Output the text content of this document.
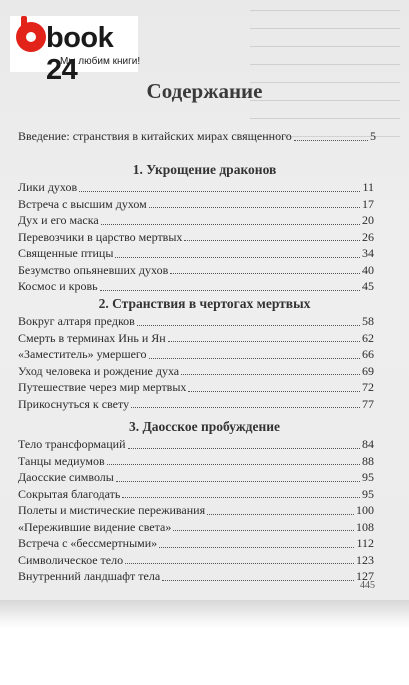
book 24
Мы любим книги!
Содержание
Введение: странствия в китайских мирах священного	5
1. Укрощение драконов
Лики духов	11
Встреча с высшим духом	17
Дух и его маска	20
Перевозчики в царство мертвых	26
Священные птицы	34
Безумство опьяневших духов	40
Космос и кровь	45
2. Странствия в чертогах мертвых
Вокруг алтаря предков	58
Смерть в терминах Инь и Ян	62
«Заместитель» умершего	66
Уход человека и рождение духа	69
Путешествие через мир мертвых	72
Прикоснуться к свету	77
3. Даосское пробуждение
Тело трансформаций	84
Танцы медиумов	88
Даосские символы	95
Сокрытая благодать	95
Полеты и мистические переживания	100
«Пережившие видение света»	108
Встреча с «бессмертными»	112
Символическое тело	123
Внутренний ландшафт тела	127
445
